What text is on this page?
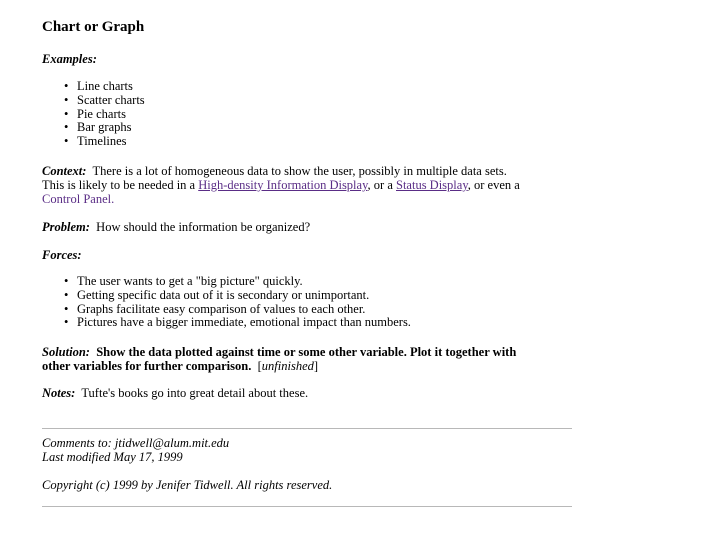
Chart or Graph
Examples:
• Line charts
• Scatter charts
• Pie charts
• Bar graphs
• Timelines
Context: There is a lot of homogeneous data to show the user, possibly in multiple data sets.
This is likely to be needed in a High-density Information Display, or a Status Display, or even a
Control Panel.
Problem: How should the information be organized?
Forces:
• The user wants to get a "big picture" quickly.
• Getting specific data out of it is secondary or unimportant.
• Graphs facilitate easy comparison of values to each other.
• Pictures have a bigger immediate, emotional impact than numbers.
Solution: Show the data plotted against time or some other variable. Plot it together with
other variables for further comparison. [unfinished]
Notes: Tufte's books go into great detail about these.
Comments to: jtidwell@alum.mit.edu
Last modified May 17, 1999
Copyright (c) 1999 by Jenifer Tidwell. All rights reserved.
